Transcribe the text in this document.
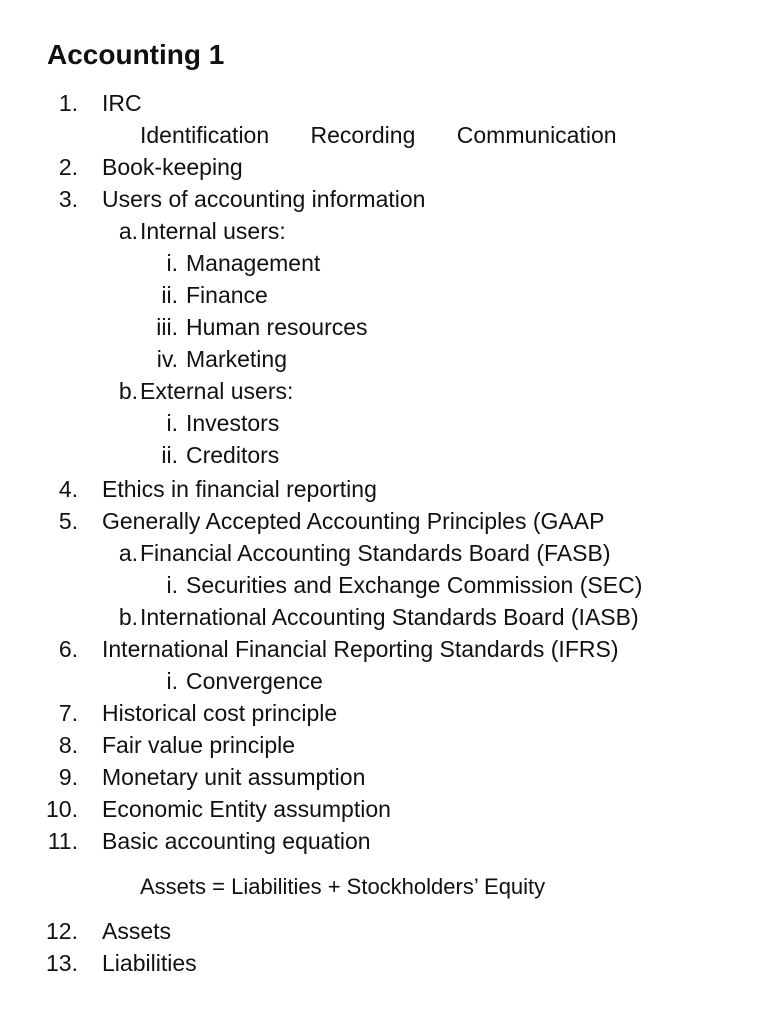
Accounting 1
1. IRC
2. Book-keeping
3. Users of accounting information
a. Internal users:
i. Management
ii. Finance
iii. Human resources
iv. Marketing
b. External users:
i. Investors
ii. Creditors
4. Ethics in financial reporting
5. Generally Accepted Accounting Principles (GAAP
a. Financial Accounting Standards Board (FASB)
i. Securities and Exchange Commission (SEC)
b. International Accounting Standards Board (IASB)
6. International Financial Reporting Standards (IFRS)
i. Convergence
7. Historical cost principle
8. Fair value principle
9. Monetary unit assumption
10. Economic Entity assumption
11. Basic accounting equation
12. Assets
13. Liabilities
Identification Recording Communication
Assets = Liabilities + Stockholders’ Equity
